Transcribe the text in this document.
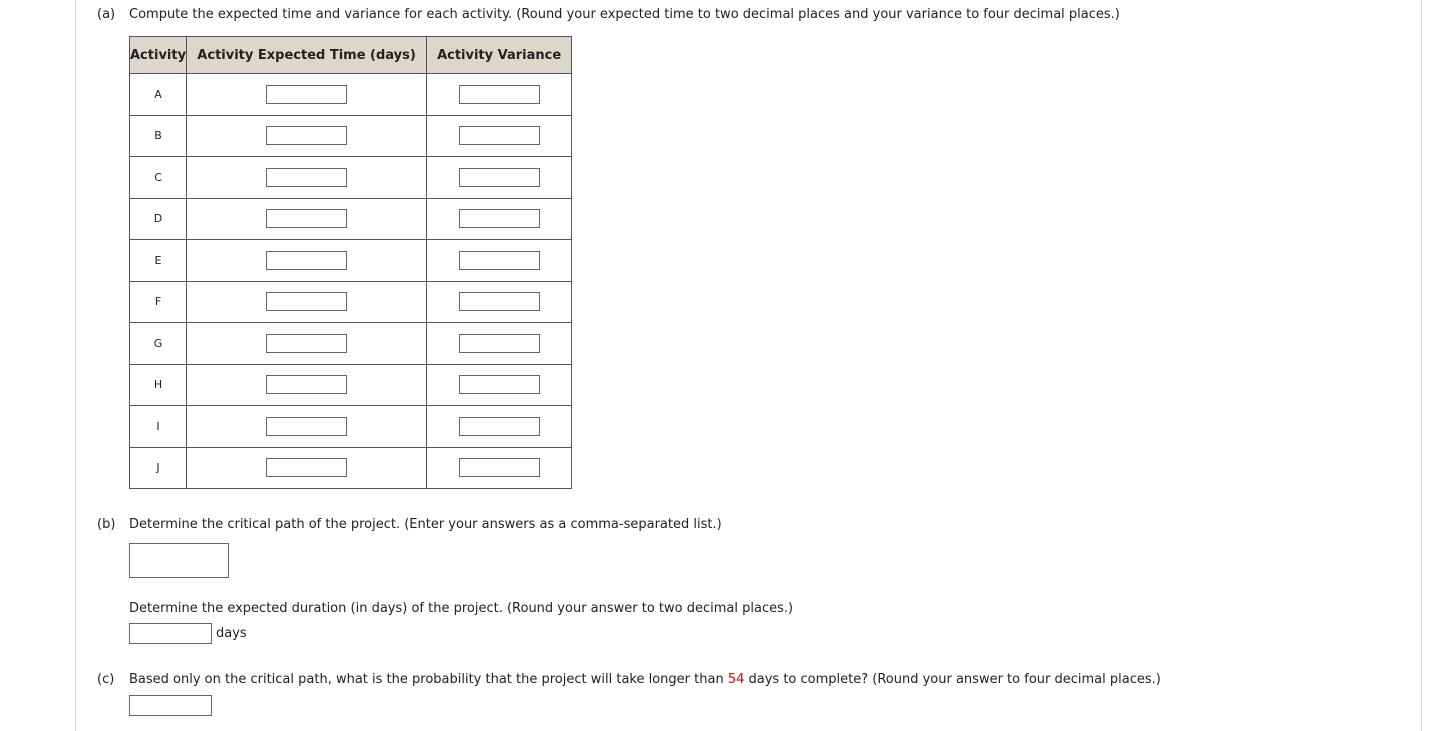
(a) Compute the expected time and variance for each activity. (Round your expected time to two decimal places and your variance to four decimal places.)
Activity	Activity Expected Time (days)	Activity Variance
A		
B		
C		
D		
E		
F		
G		
H		
I		
J		
(b) Determine the critical path of the project. (Enter your answers as a comma-separated list.)
Determine the expected duration (in days) of the project. (Round your answer to two decimal places.)
days
(c) Based only on the critical path, what is the probability that the project will take longer than 54 days to complete? (Round your answer to four decimal places.)
